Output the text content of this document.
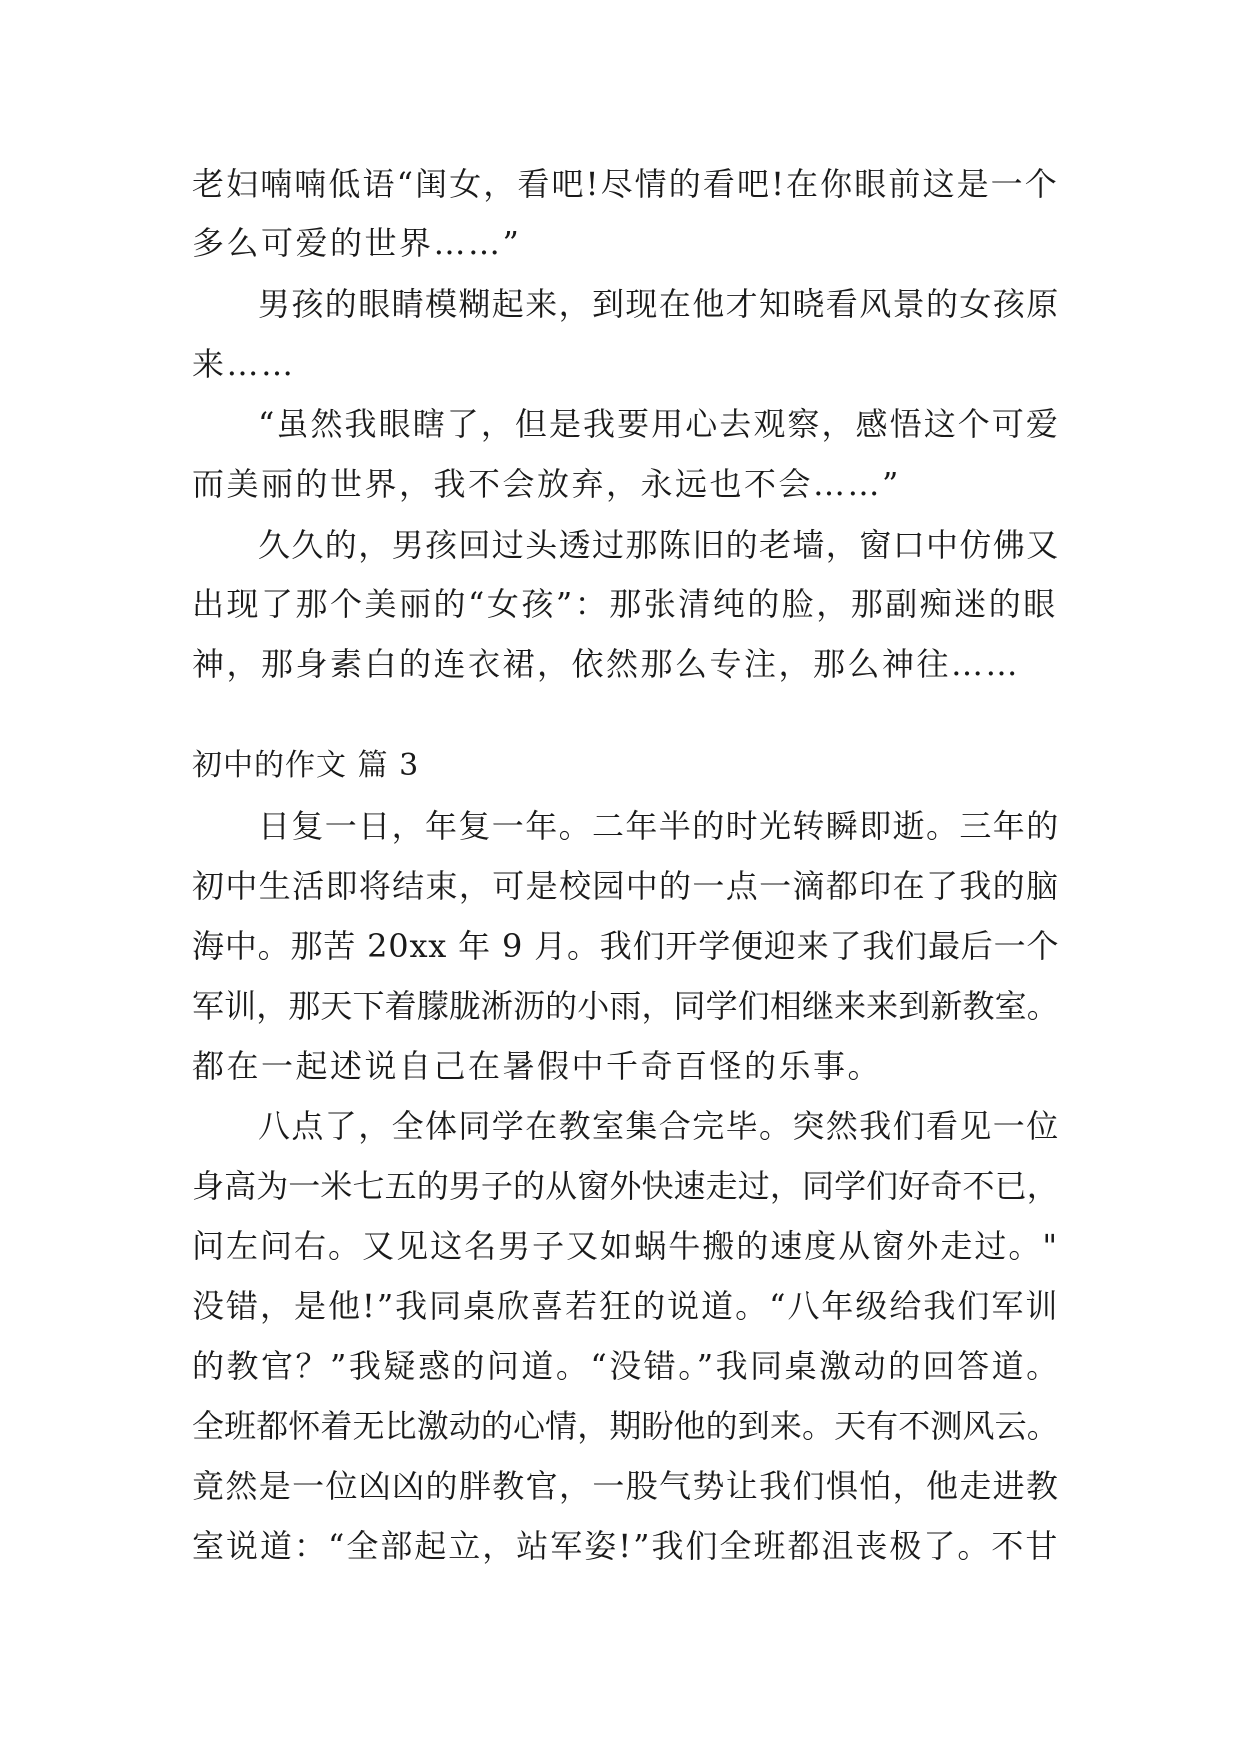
老妇喃喃低语“闺女，看吧!尽情的看吧!在你眼前这是一个
多么可爱的世界……”
男孩的眼睛模糊起来，到现在他才知晓看风景的女孩原
来……
“虽然我眼瞎了，但是我要用心去观察，感悟这个可爱
而美丽的世界，我不会放弃，永远也不会……”
久久的，男孩回过头透过那陈旧的老墙，窗口中仿佛又
出现了那个美丽的“女孩”：那张清纯的脸，那副痴迷的眼
神，那身素白的连衣裙，依然那么专注，那么神往……
初中的作文 篇 3
日复一日，年复一年。二年半的时光转瞬即逝。三年的
初中生活即将结束，可是校园中的一点一滴都印在了我的脑
海中。那苦 20xx 年 9 月。我们开学便迎来了我们最后一个
军训，那天下着朦胧淅沥的小雨，同学们相继来来到新教室。
都在一起述说自己在暑假中千奇百怪的乐事。
八点了，全体同学在教室集合完毕。突然我们看见一位
身高为一米七五的男子的从窗外快速走过，同学们好奇不已，
问左问右。又见这名男子又如蜗牛搬的速度从窗外走过。"
没错，是他!”我同桌欣喜若狂的说道。“八年级给我们军训
的教官？”我疑惑的问道。“没错。”我同桌激动的回答道。
全班都怀着无比激动的心情，期盼他的到来。天有不测风云。
竟然是一位凶凶的胖教官，一股气势让我们惧怕，他走进教
室说道：“全部起立，站军姿!”我们全班都沮丧极了。不甘
